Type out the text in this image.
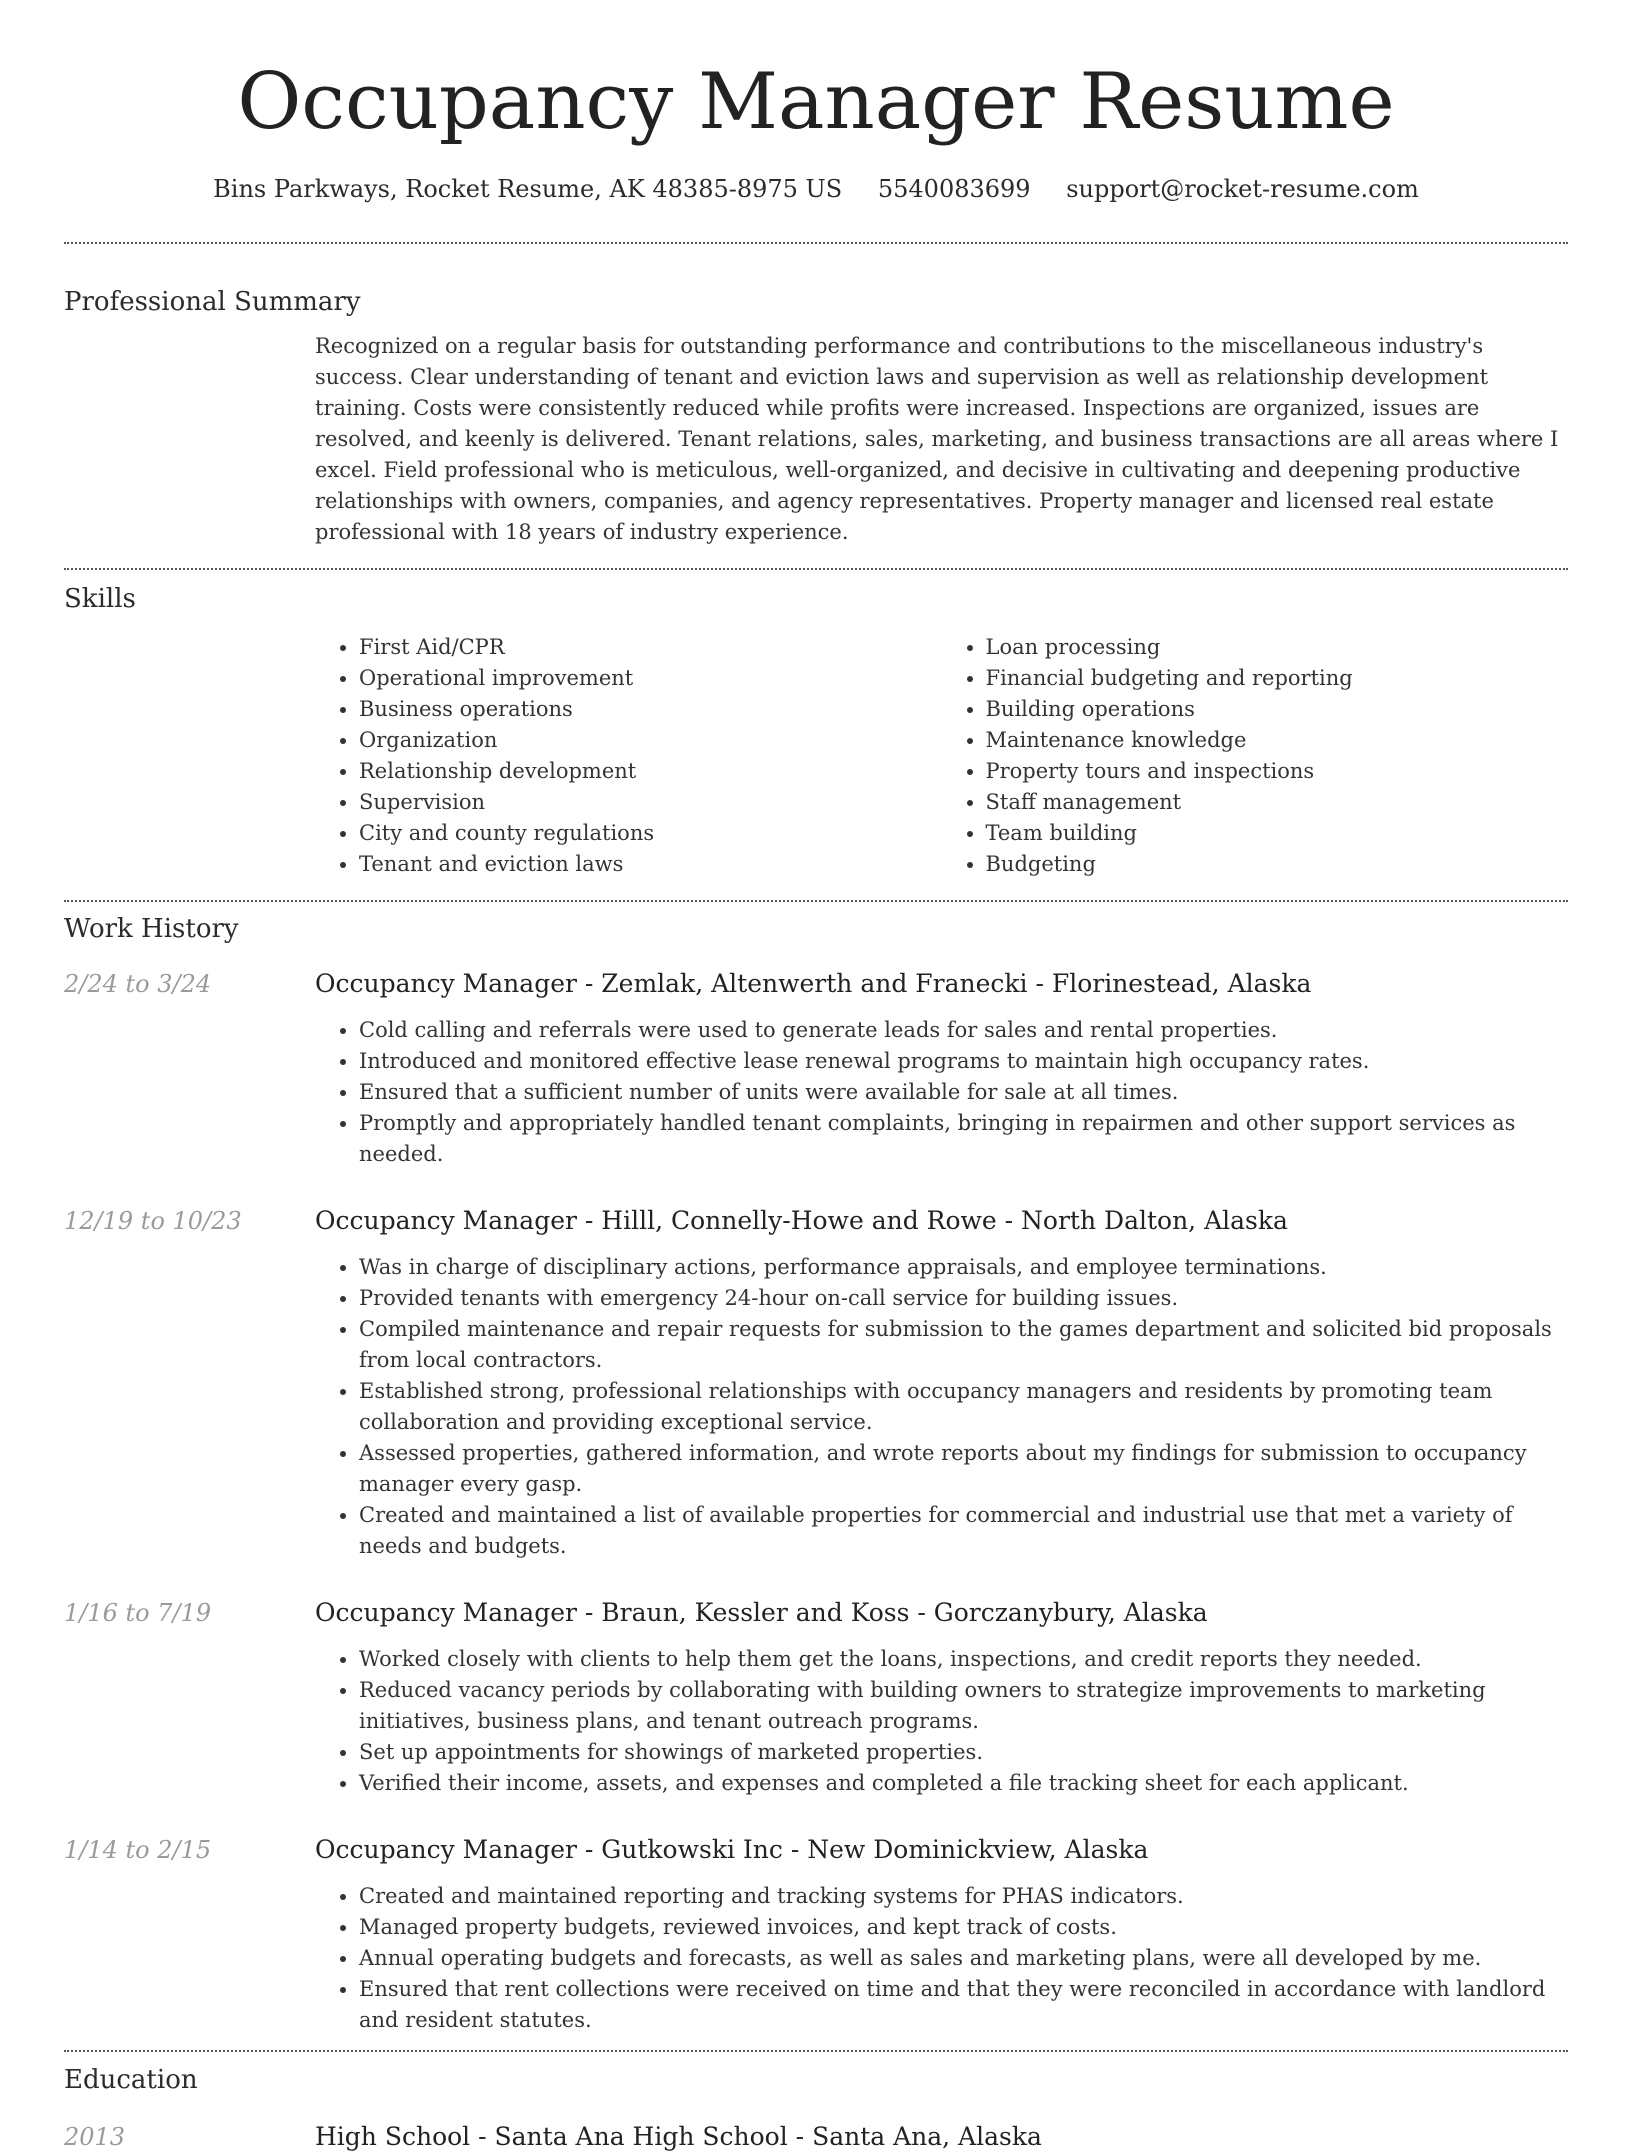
Occupancy Manager Resume
Bins Parkways, Rocket Resume, AK 48385-8975 US 5540083699 support@rocket-resume.com
Professional Summary

Recognized on a regular basis for outstanding performance and contributions to the miscellaneous industry's success. Clear understanding of tenant and eviction laws and supervision as well as relationship development training. Costs were consistently reduced while profits were increased. Inspections are organized, issues are resolved, and keenly is delivered. Tenant relations, sales, marketing, and business transactions are all areas where I excel. Field professional who is meticulous, well-organized, and decisive in cultivating and deepening productive relationships with owners, companies, and agency representatives. Property manager and licensed real estate professional with 18 years of industry experience.

Skills
• First Aid/CPR
• Operational improvement
• Business operations
• Organization
• Relationship development
• Supervision
• City and county regulations
• Tenant and eviction laws
• Loan processing
• Financial budgeting and reporting
• Building operations
• Maintenance knowledge
• Property tours and inspections
• Staff management
• Team building
• Budgeting
Work History
2/24 to 3/24	Occupancy Manager - Zemlak, Altenwerth and Franecki - Florinestead, Alaska
• Cold calling and referrals were used to generate leads for sales and rental properties.
• Introduced and monitored effective lease renewal programs to maintain high occupancy rates.
• Ensured that a sufficient number of units were available for sale at all times.
• Promptly and appropriately handled tenant complaints, bringing in repairmen and other support services as needed.
12/19 to 10/23	Occupancy Manager - Hilll, Connelly-Howe and Rowe - North Dalton, Alaska
• Was in charge of disciplinary actions, performance appraisals, and employee terminations.
• Provided tenants with emergency 24-hour on-call service for building issues.
• Compiled maintenance and repair requests for submission to the games department and solicited bid proposals from local contractors.
• Established strong, professional relationships with occupancy managers and residents by promoting team collaboration and providing exceptional service.
• Assessed properties, gathered information, and wrote reports about my findings for submission to occupancy manager every gasp.
• Created and maintained a list of available properties for commercial and industrial use that met a variety of needs and budgets.
1/16 to 7/19	Occupancy Manager - Braun, Kessler and Koss - Gorczanybury, Alaska
• Worked closely with clients to help them get the loans, inspections, and credit reports they needed.
• Reduced vacancy periods by collaborating with building owners to strategize improvements to marketing initiatives, business plans, and tenant outreach programs.
• Set up appointments for showings of marketed properties.
• Verified their income, assets, and expenses and completed a file tracking sheet for each applicant.
1/14 to 2/15	Occupancy Manager - Gutkowski Inc - New Dominickview, Alaska
• Created and maintained reporting and tracking systems for PHAS indicators.
• Managed property budgets, reviewed invoices, and kept track of costs.
• Annual operating budgets and forecasts, as well as sales and marketing plans, were all developed by me.
• Ensured that rent collections were received on time and that they were reconciled in accordance with landlord and resident statutes.
Education
2013	High School - Santa Ana High School - Santa Ana, Alaska
